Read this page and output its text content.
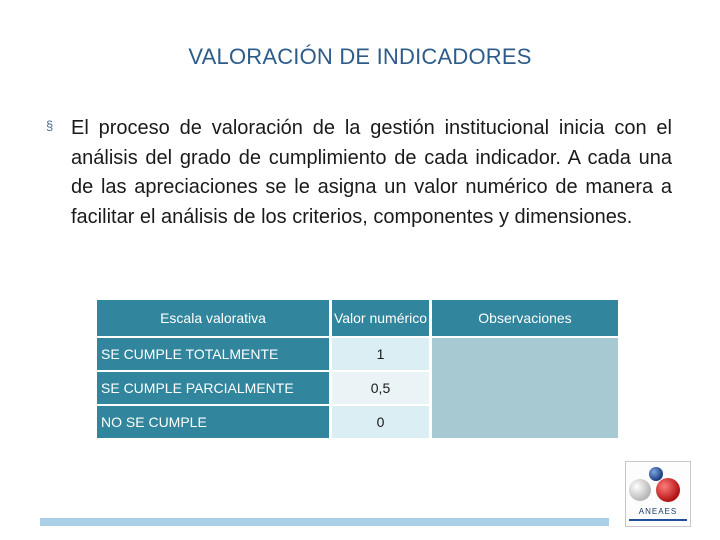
VALORACIÓN DE INDICADORES
§ El proceso de valoración de la gestión institucional inicia con el análisis del grado de cumplimiento de cada indicador. A cada una de las apreciaciones se le asigna un valor numérico de manera a facilitar el análisis de los criterios, componentes y dimensiones.
Escala valorativa	Valor numérico	Observaciones
SE CUMPLE TOTALMENTE	1	
SE CUMPLE PARCIALMENTE	0,5	
NO SE CUMPLE	0	
ANEAES
